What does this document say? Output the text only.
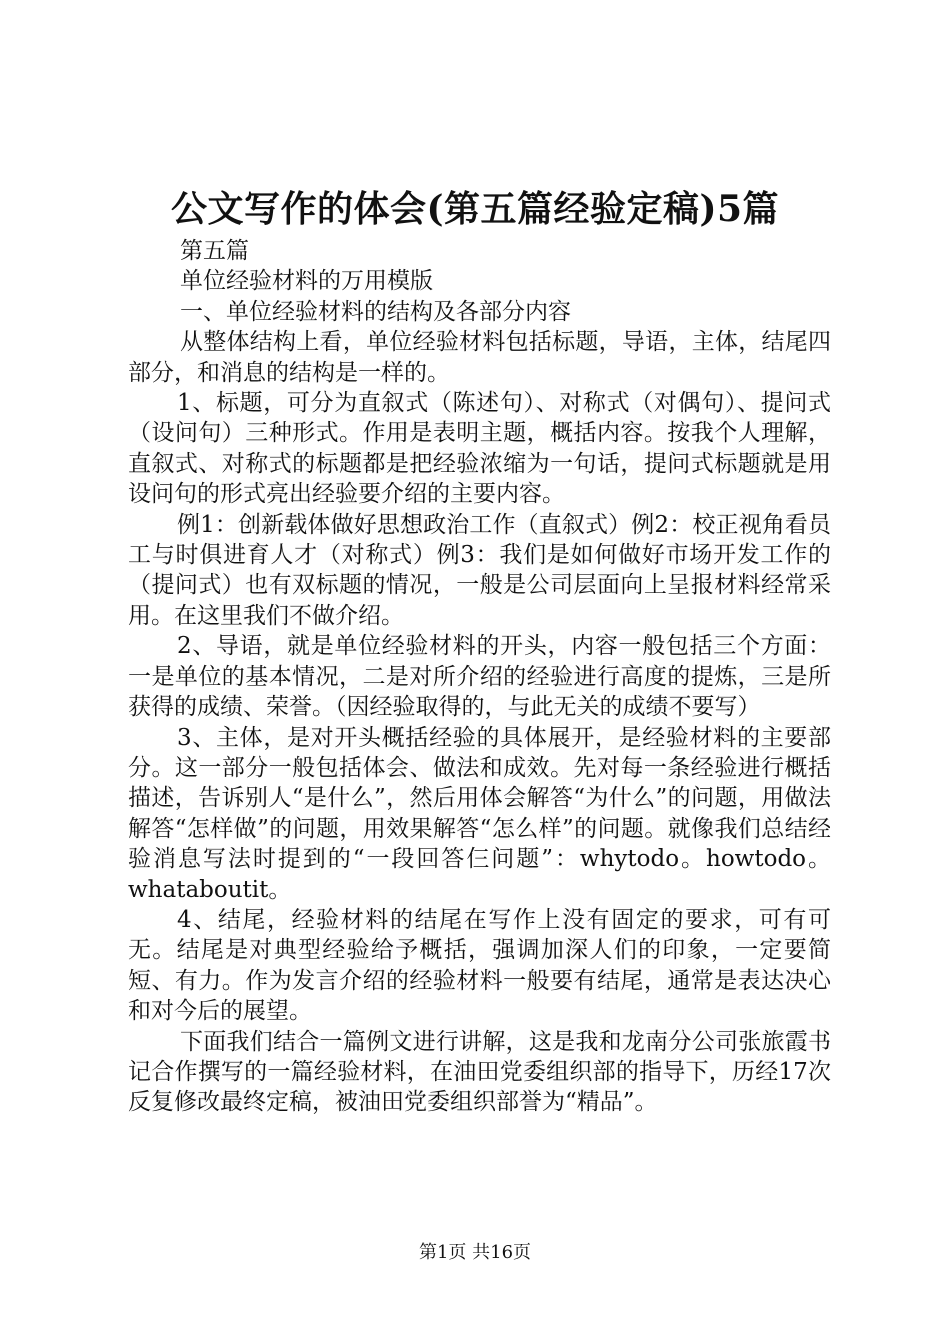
公文写作的体会(第五篇经验定稿)5篇

第五篇

单位经验材料的万用模版

一、单位经验材料的结构及各部分内容

从整体结构上看，单位经验材料包括标题，导语，主体，结尾四部分，和消息的结构是一样的。

1、标题，可分为直叙式（陈述句）、对称式（对偶句）、提问式（设问句）三种形式。作用是表明主题，概括内容。按我个人理解，直叙式、对称式的标题都是把经验浓缩为一句话，提问式标题就是用设问句的形式亮出经验要介绍的主要内容。

例1：创新载体做好思想政治工作（直叙式）例2：校正视角看员工与时俱进育人才（对称式）例3：我们是如何做好市场开发工作的（提问式）也有双标题的情况，一般是公司层面向上呈报材料经常采用。在这里我们不做介绍。

2、导语，就是单位经验材料的开头，内容一般包括三个方面：一是单位的基本情况，二是对所介绍的经验进行高度的提炼，三是所获得的成绩、荣誉。（因经验取得的，与此无关的成绩不要写）

3、主体，是对开头概括经验的具体展开，是经验材料的主要部分。这一部分一般包括体会、做法和成效。先对每一条经验进行概括描述，告诉别人“是什么”，然后用体会解答“为什么”的问题，用做法解答“怎样做”的问题，用效果解答“怎么样”的问题。就像我们总结经验消息写法时提到的“一段回答仨问题”：whytodo。howtodo。whataboutit。

4、结尾，经验材料的结尾在写作上没有固定的要求，可有可无。结尾是对典型经验给予概括，强调加深人们的印象，一定要简短、有力。作为发言介绍的经验材料一般要有结尾，通常是表达决心和对今后的展望。

下面我们结合一篇例文进行讲解，这是我和龙南分公司张旅霞书记合作撰写的一篇经验材料，在油田党委组织部的指导下，历经17次反复修改最终定稿，被油田党委组织部誉为“精品”。

第1页 共16页
